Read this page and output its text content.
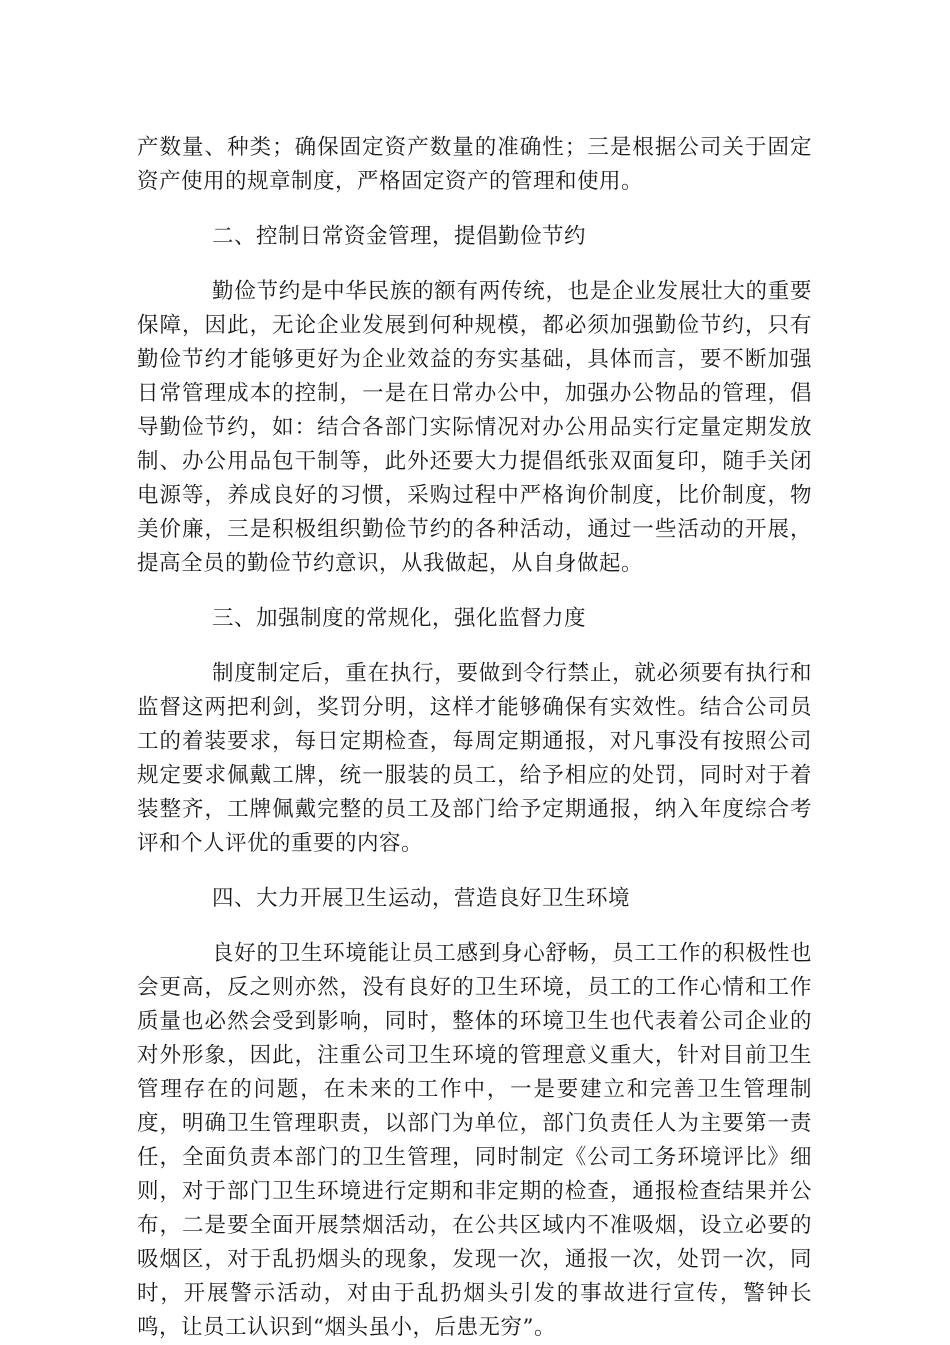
产数量、种类；确保固定资产数量的准确性；三是根据公司关于固定资产使用的规章制度，严格固定资产的管理和使用。

二、控制日常资金管理，提倡勤俭节约

勤俭节约是中华民族的额有两传统，也是企业发展壮大的重要保障，因此，无论企业发展到何种规模，都必须加强勤俭节约，只有勤俭节约才能够更好为企业效益的夯实基础，具体而言，要不断加强日常管理成本的控制，一是在日常办公中，加强办公物品的管理，倡导勤俭节约，如：结合各部门实际情况对办公用品实行定量定期发放制、办公用品包干制等，此外还要大力提倡纸张双面复印，随手关闭电源等，养成良好的习惯，采购过程中严格询价制度，比价制度，物美价廉，三是积极组织勤俭节约的各种活动，通过一些活动的开展，提高全员的勤俭节约意识，从我做起，从自身做起。

三、加强制度的常规化，强化监督力度

制度制定后，重在执行，要做到令行禁止，就必须要有执行和监督这两把利剑，奖罚分明，这样才能够确保有实效性。结合公司员工的着装要求，每日定期检查，每周定期通报，对凡事没有按照公司规定要求佩戴工牌，统一服装的员工，给予相应的处罚，同时对于着装整齐，工牌佩戴完整的员工及部门给予定期通报，纳入年度综合考评和个人评优的重要的内容。

四、大力开展卫生运动，营造良好卫生环境

良好的卫生环境能让员工感到身心舒畅，员工工作的积极性也会更高，反之则亦然，没有良好的卫生环境，员工的工作心情和工作质量也必然会受到影响，同时，整体的环境卫生也代表着公司企业的对外形象，因此，注重公司卫生环境的管理意义重大，针对目前卫生管理存在的问题，在未来的工作中，一是要建立和完善卫生管理制度，明确卫生管理职责，以部门为单位，部门负责任人为主要第一责任，全面负责本部门的卫生管理，同时制定《公司工务环境评比》细则，对于部门卫生环境进行定期和非定期的检查，通报检查结果并公布，二是要全面开展禁烟活动，在公共区域内不准吸烟，设立必要的吸烟区，对于乱扔烟头的现象，发现一次，通报一次，处罚一次，同时，开展警示活动，对由于乱扔烟头引发的事故进行宣传，警钟长鸣，让员工认识到“烟头虽小，后患无穷”。
